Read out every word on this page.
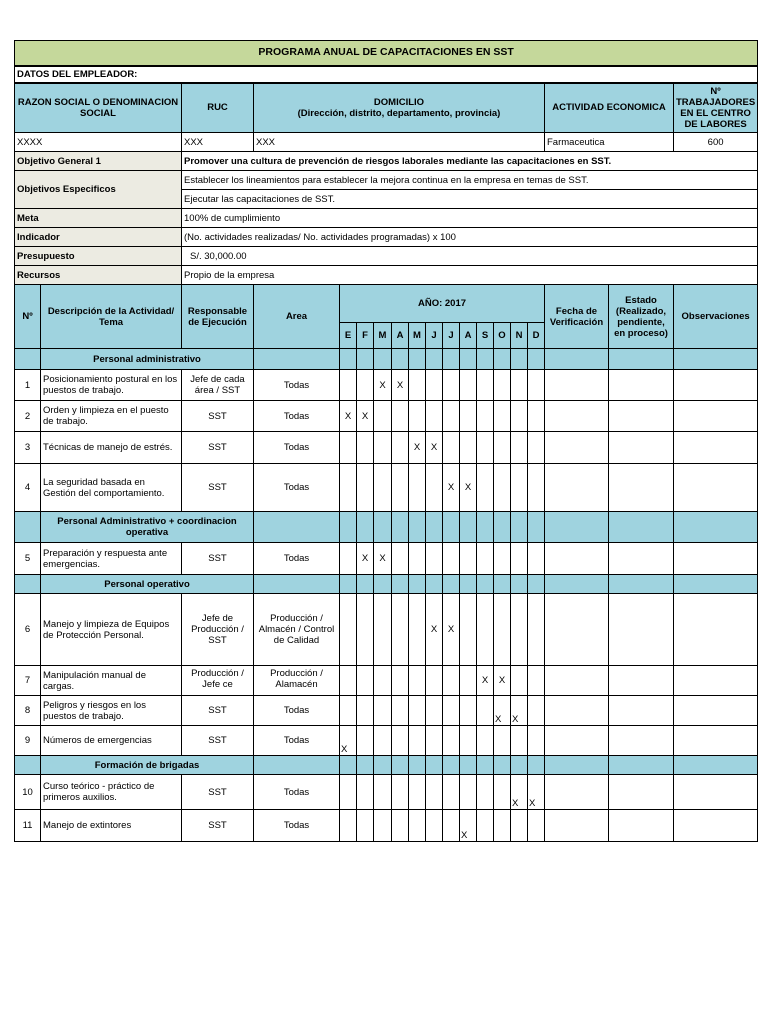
PROGRAMA ANUAL DE CAPACITACIONES EN SST																		
DATOS DEL EMPLEADOR:																		
RAZON SOCIAL O DENOMINACION SOCIAL		RUC	DOMICILIO
(Dirección, distrito, departamento, provincia)													ACTIVIDAD ECONOMICA		Nº TRABAJADORES EN EL CENTRO DE LABORES
XXXX		XXX	XXX													Farmaceutica		600
Objetivo General 1		Promover una cultura de prevención de riesgos laborales mediante las capacitaciones en SST.																
Objetivos Especificos		Establecer los lineamientos para establecer la mejora continua en la empresa en temas de SST.																
		Ejecutar las capacitaciones de SST.																
Meta		100% de cumplimiento																
Indicador		(No. actividades realizadas/ No. actividades programadas) x 100																
Presupuesto		S/. 30,000.00																
Recursos		Propio de la empresa																
Nº	Descripción de la Actividad/ Tema	Responsable de Ejecución	Area	AÑO: 2017												Fecha de Verificación	Estado (Realizado, pendiente, en proceso)	Observaciones
				E	F	M	A	M	J	J	A	S	O	N	D			
	Personal administrativo																	
1	Posicionamiento postural en los puestos de trabajo.	Jefe de cada área / SST	Todas			X	X											
2	Orden y limpieza en el puesto de trabajo.	SST	Todas	X	X													
3	Técnicas de manejo de estrés.	SST	Todas					X	X									
4	La seguridad basada en Gestión del comportamiento.	SST	Todas							X	X							
	Personal Administrativo + coordinacion operativa																	
5	Preparación y respuesta ante emergencias.	SST	Todas		X	X												
	Personal operativo																	
6	Manejo y limpieza de Equipos de Protección Personal.	Jefe de Producción / SST	Producción / Almacén / Control de Calidad						X	X								
7	Manipulación manual de cargas.	Producción / Jefe ce	Producción / Alamacén									X	X					
8	Peligros y riesgos en los puestos de trabajo.	SST	Todas										X	X				
9	Números de emergencias	SST	Todas	X														
	Formación de brigadas																	
10	Curso teórico - práctico de primeros auxilios.	SST	Todas											X	X			
11	Manejo de extintores	SST	Todas								X							
